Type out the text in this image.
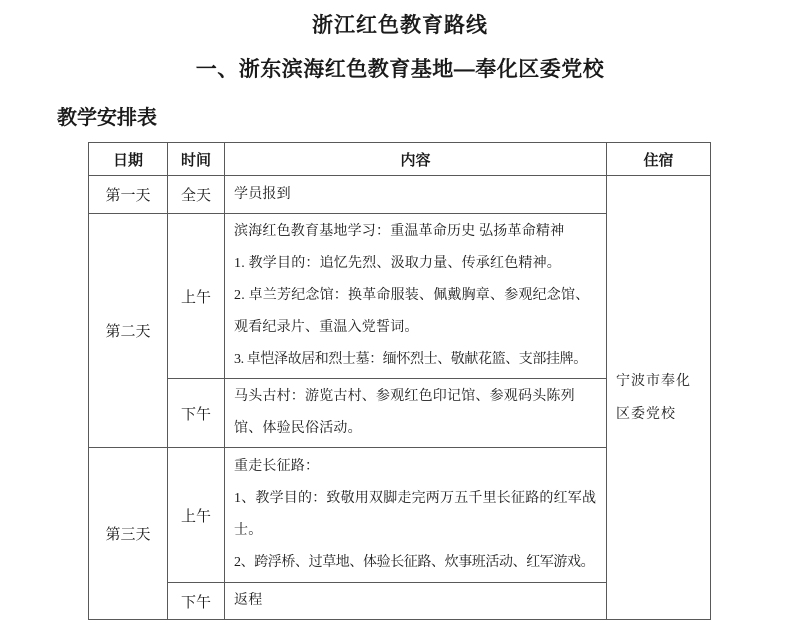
浙江红色教育路线
一、浙东滨海红色教育基地—奉化区委党校
教学安排表
日期	时间	内容	住宿
第一天	全天	学员报到	宁波市奉化区委党校
第二天	上午	滨海红色教育基地学习：重温革命历史 弘扬革命精神

1. 教学目的：追忆先烈、汲取力量、传承红色精神。

2. 卓兰芳纪念馆：换革命服装、佩戴胸章、参观纪念馆、观看纪录片、重温入党誓词。

3. 卓恺泽故居和烈士墓：缅怀烈士、敬献花篮、支部挂牌。	

	下午	马头古村：游览古村、参观红色印记馆、参观码头陈列馆、体验民俗活动。	

第三天	上午	重走长征路：

1、教学目的：致敬用双脚走完两万五千里长征路的红军战士。

2、跨浮桥、过草地、体验长征路、炊事班活动、红军游戏。	

	下午	返程	
